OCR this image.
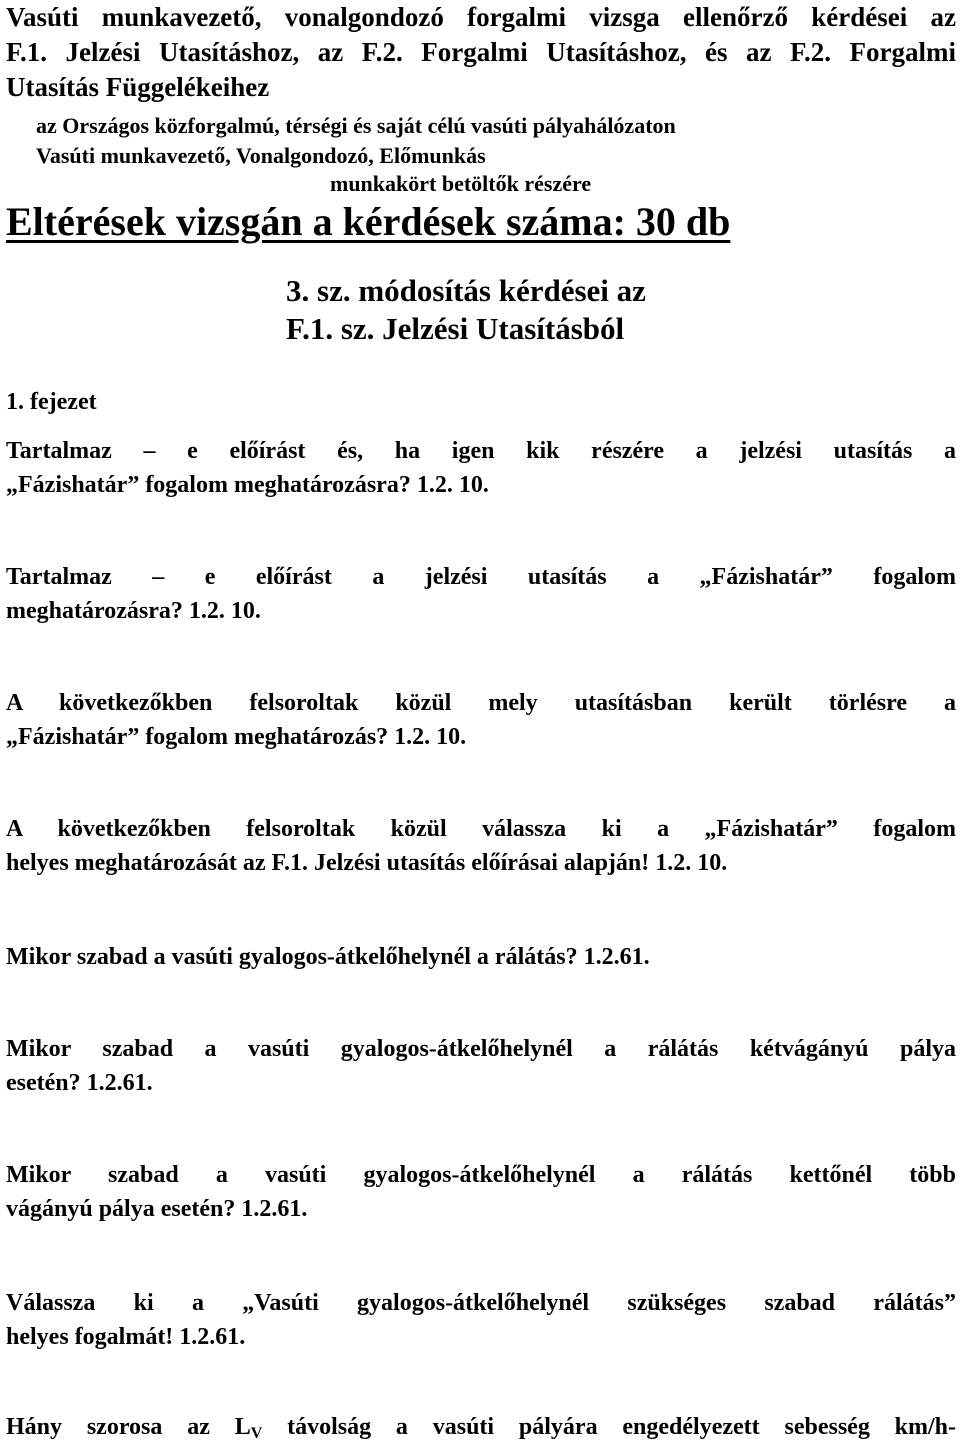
Vasúti munkavezető, vonalgondozó forgalmi vizsga ellenőrző kérdései az
F.1. Jelzési Utasításhoz, az F.2. Forgalmi Utasításhoz, és az F.2. Forgalmi
Utasítás Függelékeihez
az Országos közforgalmú, térségi és saját célú vasúti pályahálózaton
Vasúti munkavezető, Vonalgondozó, Előmunkás
munkakört betöltők részére
Eltérések vizsgán a kérdések száma: 30 db
3. sz. módosítás kérdései az
F.1. sz. Jelzési Utasításból
1. fejezet

Tartalmaz – e előírást és, ha igen kik részére a jelzési utasítás a
„Fázishatár” fogalom meghatározásra? 1.2. 10.

Tartalmaz – e előírást a jelzési utasítás a „Fázishatár” fogalom
meghatározásra? 1.2. 10.

A következőkben felsoroltak közül mely utasításban került törlésre a
„Fázishatár” fogalom meghatározás? 1.2. 10.

A következőkben felsoroltak közül válassza ki a „Fázishatár” fogalom
helyes meghatározását az F.1. Jelzési utasítás előírásai alapján! 1.2. 10.

Mikor szabad a vasúti gyalogos-átkelőhelynél a rálátás? 1.2.61.

Mikor szabad a vasúti gyalogos-átkelőhelynél a rálátás kétvágányú pálya
esetén? 1.2.61.

Mikor szabad a vasúti gyalogos-átkelőhelynél a rálátás kettőnél több
vágányú pálya esetén? 1.2.61.

Válassza ki a „Vasúti gyalogos-átkelőhelynél szükséges szabad rálátás”
helyes fogalmát! 1.2.61.

Hány szorosa az $L_V$ távolság a vasúti pályára engedélyezett sebesség km/h-
